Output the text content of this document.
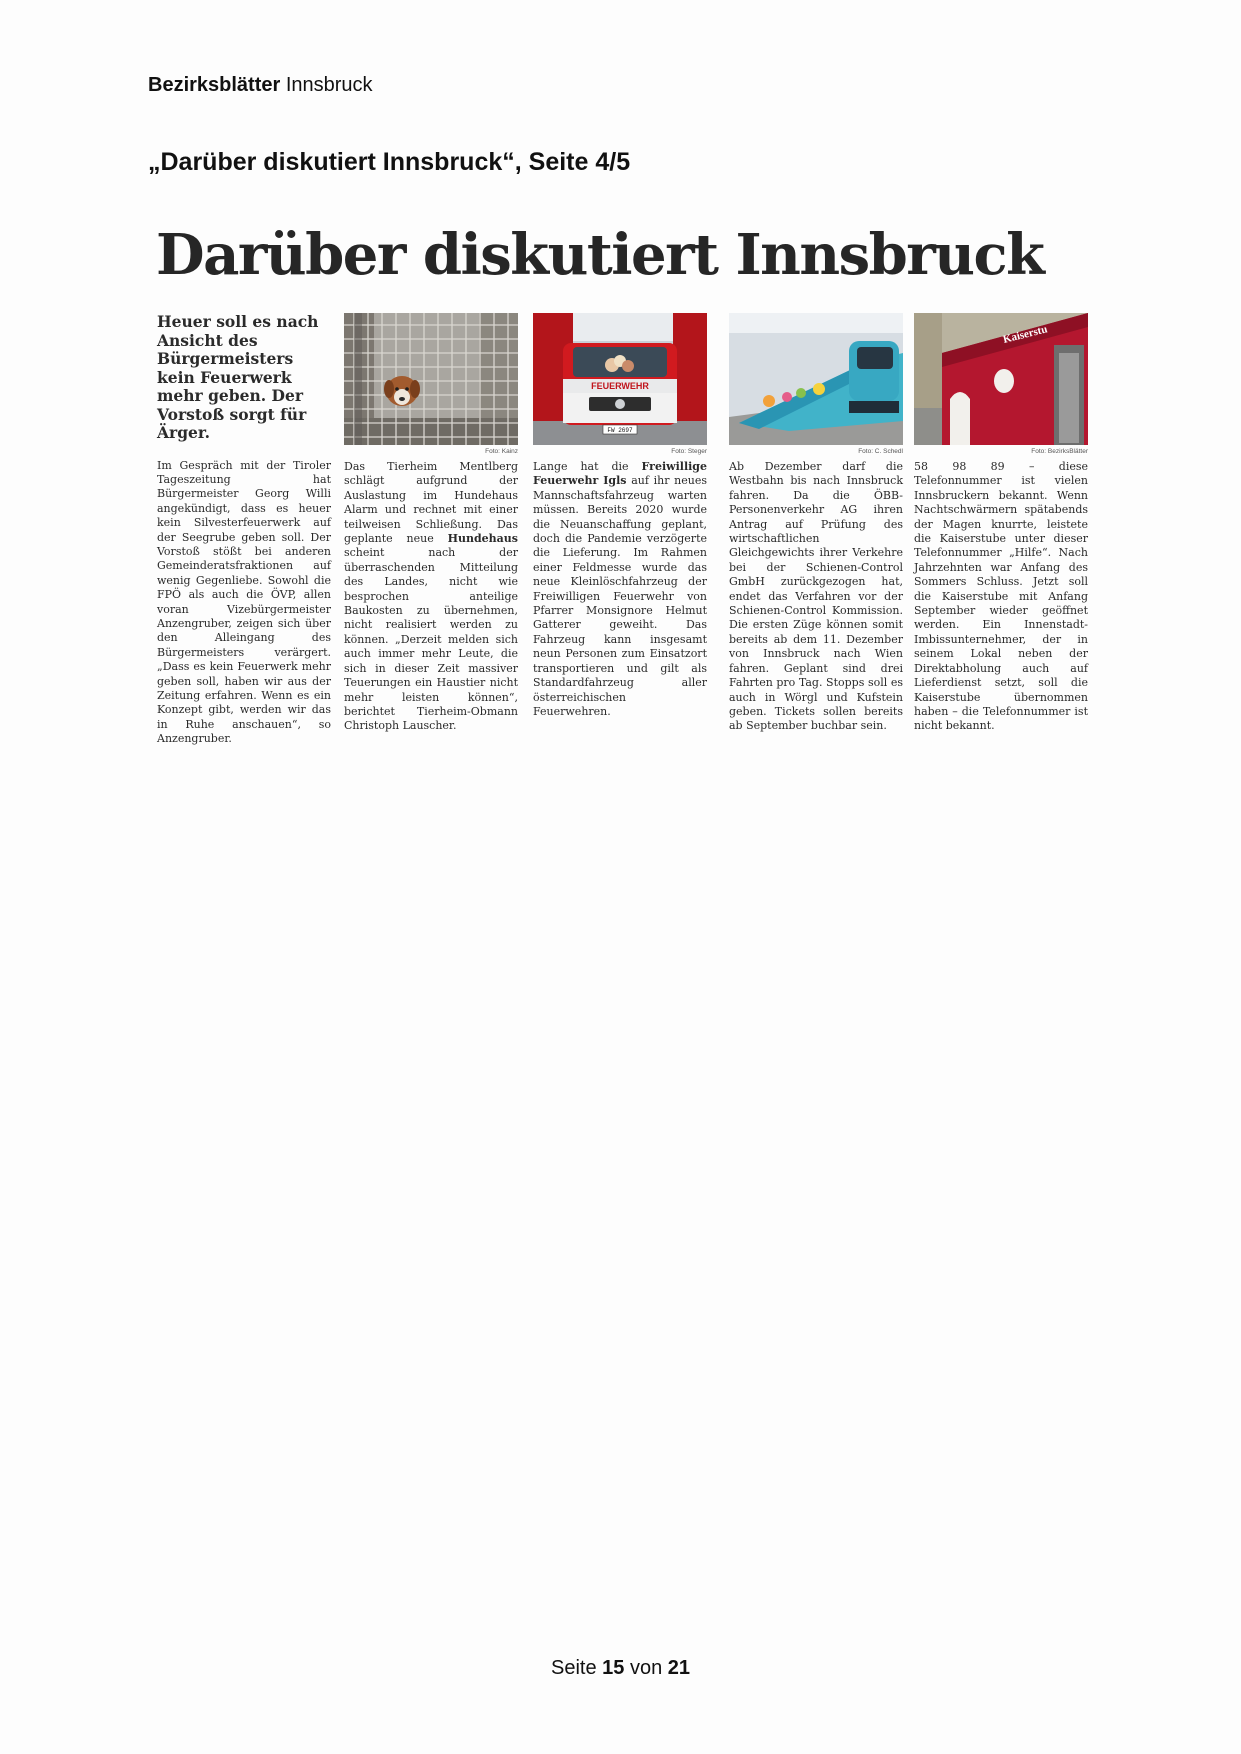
Bezirksblätter Innsbruck
„Darüber diskutiert Innsbruck“, Seite 4/5
Darüber diskutiert Innsbruck

Heuer soll es nach Ansicht des Bürgermeisters kein Feuerwerk mehr geben. Der Vorstoß sorgt für Ärger.

Im Gespräch mit der Tiroler Tageszeitung hat Bürgermeister Georg Willi angekündigt, dass es heuer kein Silvesterfeuerwerk auf der Seegrube geben soll. Der Vorstoß stößt bei anderen Gemeinderatsfraktionen auf wenig Gegenliebe. Sowohl die FPÖ als auch die ÖVP, allen voran Vizebürgermeister Anzengruber, zeigen sich über den Alleingang des Bürgermeisters verärgert. „Dass es kein Feuerwerk mehr geben soll, haben wir aus der Zeitung erfahren. Wenn es ein Konzept gibt, werden wir das in Ruhe anschauen“, so Anzengruber.

Foto: Kainz

Das Tierheim Mentlberg schlägt aufgrund der Auslastung im Hundehaus Alarm und rechnet mit einer teilweisen Schließung. Das geplante neue Hundehaus scheint nach der überraschenden Mitteilung des Landes, nicht wie besprochen anteilige Baukosten zu übernehmen, nicht realisiert werden zu können. „Derzeit melden sich auch immer mehr Leute, die sich in dieser Zeit massiver Teuerungen ein Haustier nicht mehr leisten können“, berichtet Tierheim-Obmann Christoph Lauscher.

FEUERWEHR
FW 2697
Foto: Steger

Lange hat die Freiwillige Feuerwehr Igls auf ihr neues Mannschaftsfahrzeug warten müssen. Bereits 2020 wurde die Neuanschaffung geplant, doch die Pandemie verzögerte die Lieferung. Im Rahmen einer Feldmesse wurde das neue Kleinlöschfahrzeug der Freiwilligen Feuerwehr von Pfarrer Monsignore Helmut Gatterer geweiht. Das Fahrzeug kann insgesamt neun Personen zum Einsatzort transportieren und gilt als Standardfahrzeug aller österreichischen Feuerwehren.

Foto: C. Schedl

Ab Dezember darf die Westbahn bis nach Innsbruck fahren. Da die ÖBB-Personenverkehr AG ihren Antrag auf Prüfung des wirtschaftlichen Gleichgewichts ihrer Verkehre bei der Schienen-Control GmbH zurückgezogen hat, endet das Verfahren vor der Schienen-Control Kommission. Die ersten Züge können somit bereits ab dem 11. Dezember von Innsbruck nach Wien fahren. Geplant sind drei Fahrten pro Tag. Stopps soll es auch in Wörgl und Kufstein geben. Tickets sollen bereits ab September buchbar sein.

Kaiserstu
Foto: BezirksBlätter

58 98 89 – diese Telefonnummer ist vielen Innsbruckern bekannt. Wenn Nachtschwärmern spätabends der Magen knurrte, leistete die Kaiserstube unter dieser Telefonnummer „Hilfe“. Nach Jahrzehnten war Anfang des Sommers Schluss. Jetzt soll die Kaiserstube mit Anfang September wieder geöffnet werden. Ein Innenstadt-Imbissunternehmer, der in seinem Lokal neben der Direktabholung auch auf Lieferdienst setzt, soll die Kaiserstube übernommen haben – die Telefonnummer ist nicht bekannt.

Seite 15 von 21
